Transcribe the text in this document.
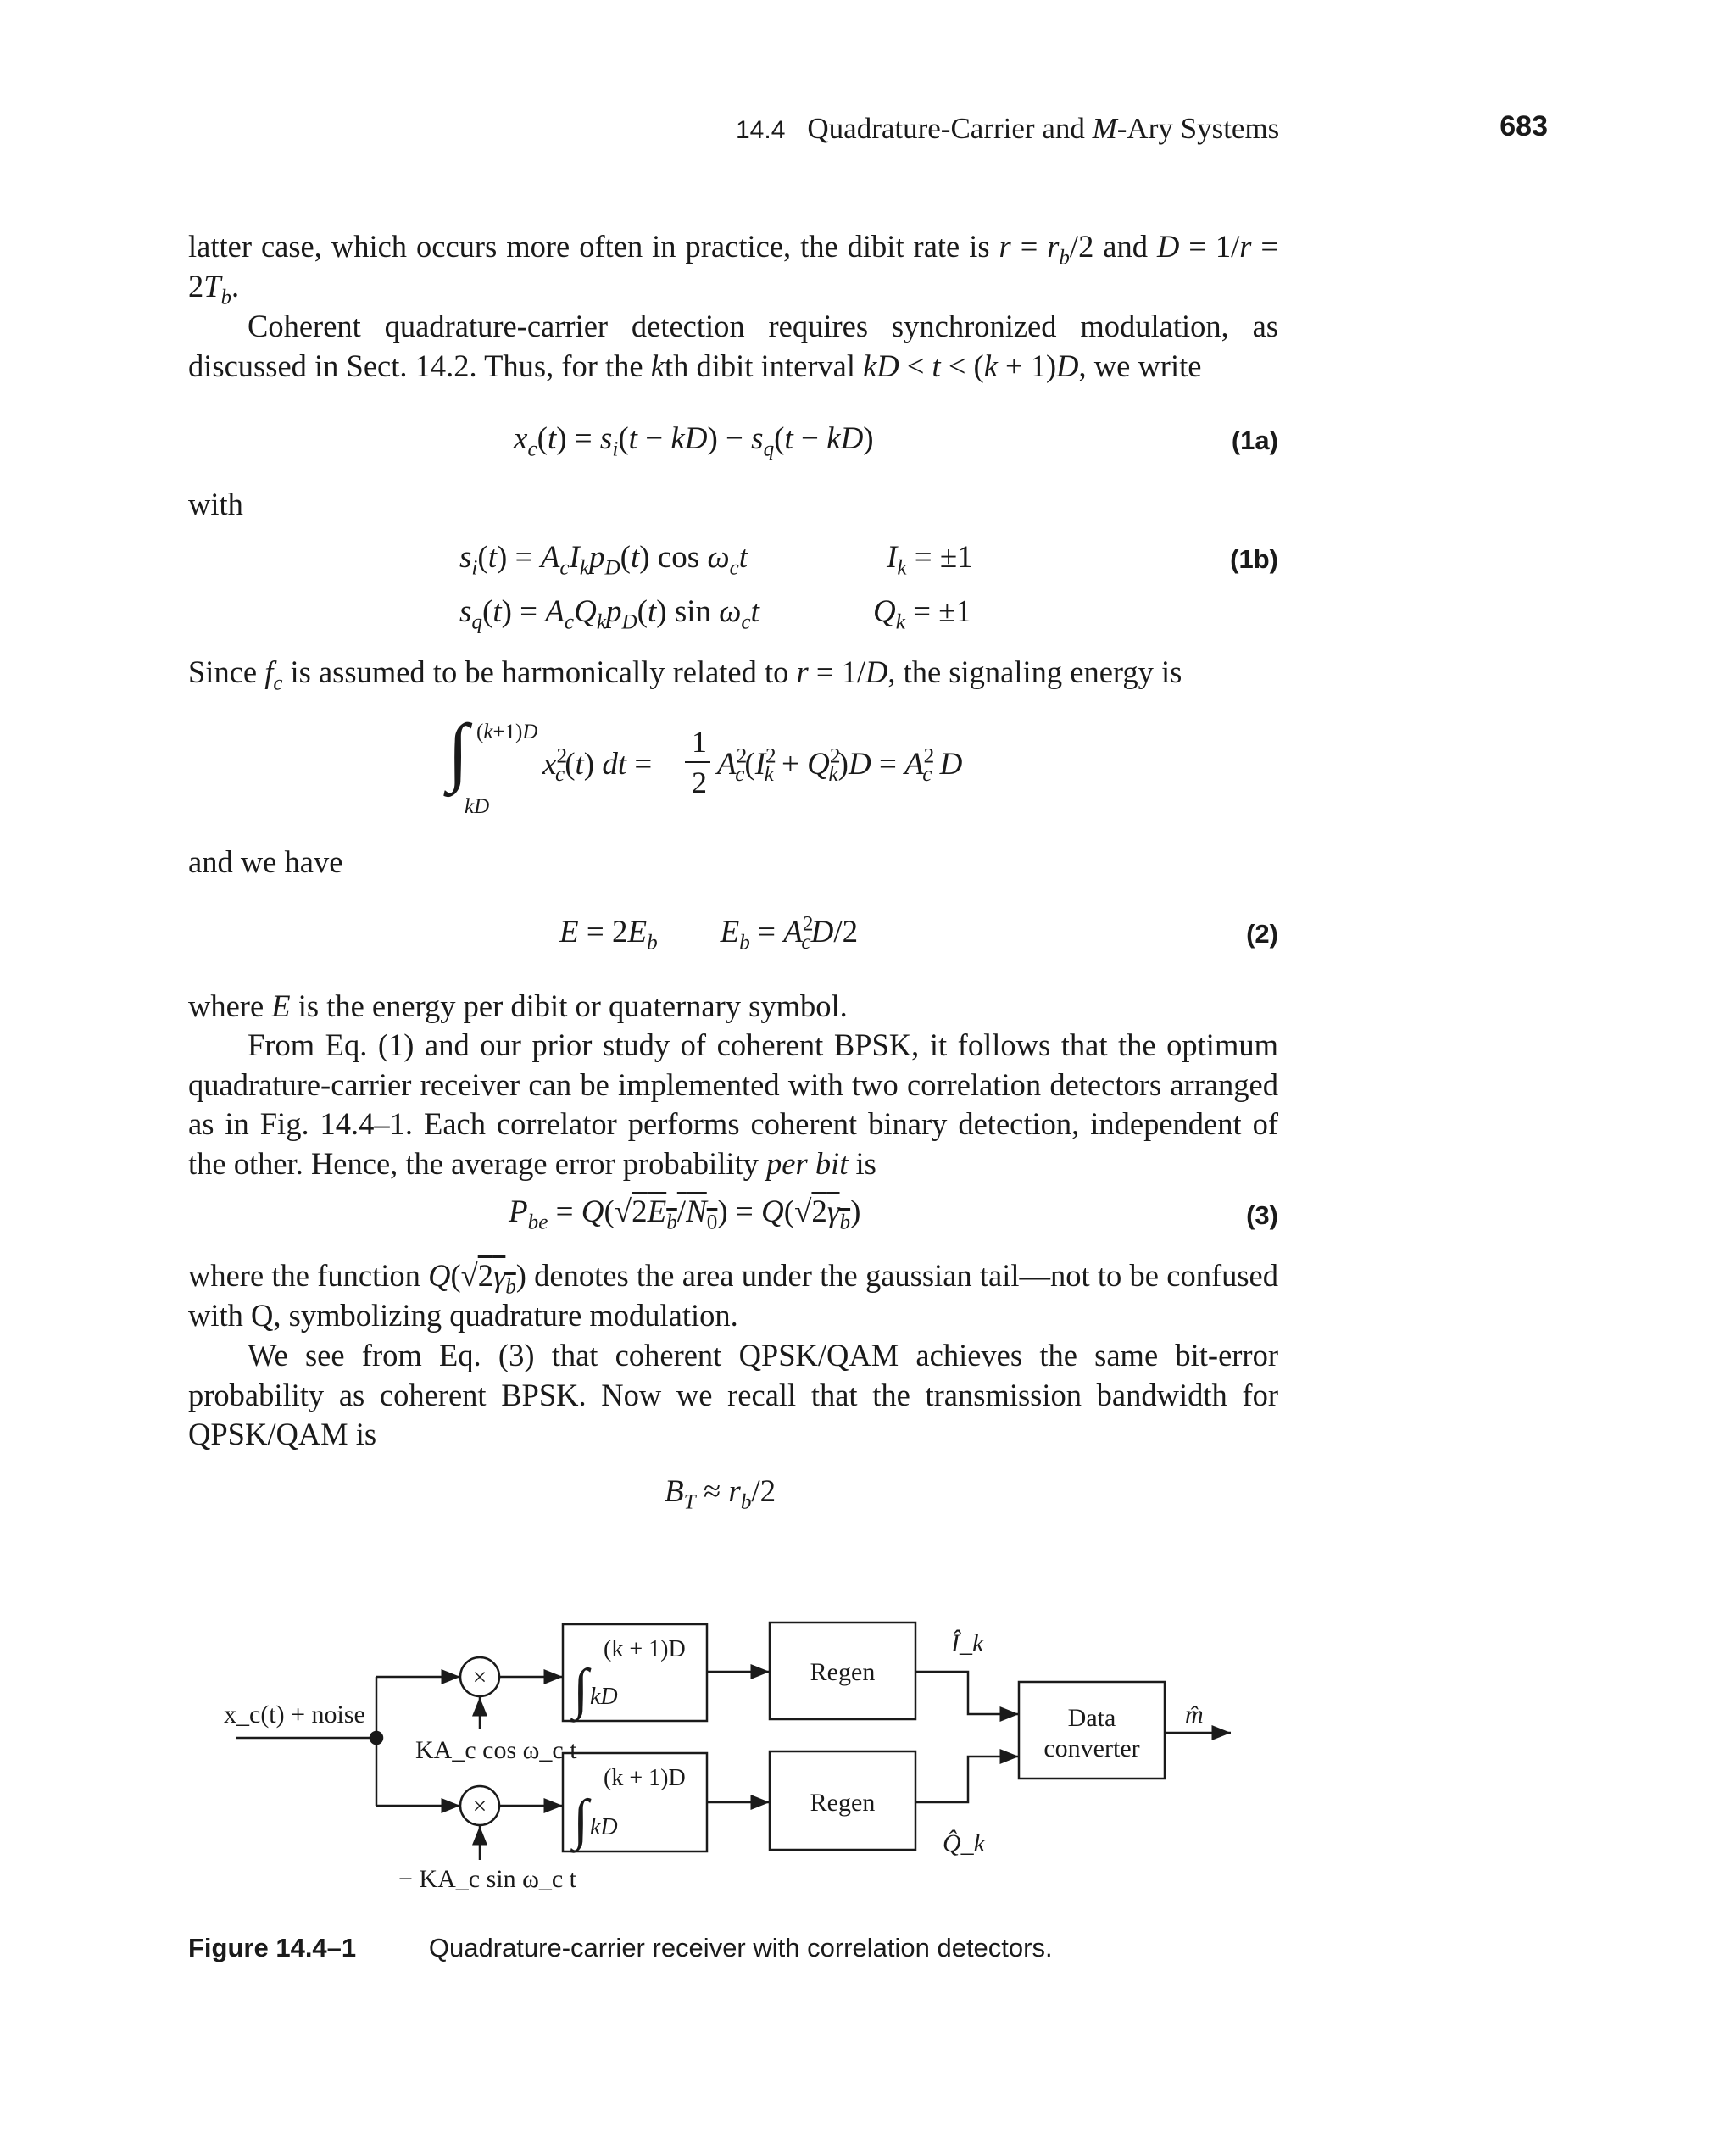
14.4 Quadrature-Carrier and M-Ary Systems	683
latter case, which occurs more often in practice, the dibit rate is $r = r_b/2$ and $D = 1/r = 2T_b$.
Coherent quadrature-carrier detection requires synchronized modulation, as discussed in Sect. 14.2. Thus, for the kth dibit interval kD < t < (k + 1)D, we write
$x_c(t) = s_i(t - kD) - s_q(t - kD)$	(1a)
with
$s_i(t) = A_cI_kp_D(t)$ $\cos \omega_ct$	$I_k = \pm 1$	(1b)
$s_q(t) = A_cQ_kp_D(t)$ $\sin \omega_ct$	$Q_k = \pm 1$
Since $f_c$ is assumed to be harmonically related to r = 1/D, the signaling energy is
∫ (k+1)D
kD
$x^2_c(t)$ dt =
1
2
$A^2_c(I^2_k + Q^2_k)D = A^2_c$ D
and we have
$E = 2E_b$ $E_b = A^2_cD/2$	(2)
where E is the energy per dibit or quaternary symbol.
From Eq. (1) and our prior study of coherent BPSK, it follows that the optimum quadrature-carrier receiver can be implemented with two correlation detectors arranged as in Fig. 14.4–1. Each correlator performs coherent binary detection, independent of the other. Hence, the average error probability per bit is
$P_{be} = Q(√2E_b/N_0) = Q(√2\gamma_b)$	(3)
where the function $Q(√2\gamma_b)$ denotes the area under the gaussian tail—not to be confused with Q, symbolizing quadrature modulation.
We see from Eq. (3) that coherent QPSK/QAM achieves the same bit-error probability as coherent BPSK. Now we recall that the transmission bandwidth for QPSK/QAM is
$B_T \approx r_b/2$
×
×
∫
∫
(k + 1)D
kD
(k + 1)D
kD
x_c(t) + noise
KA_c cos ω_c t
− KA_c sin ω_c t
Regen
Regen
Data
converter
Î_k
Q̂_k
m̂
Figure 14.4–1	Quadrature-carrier receiver with correlation detectors.
